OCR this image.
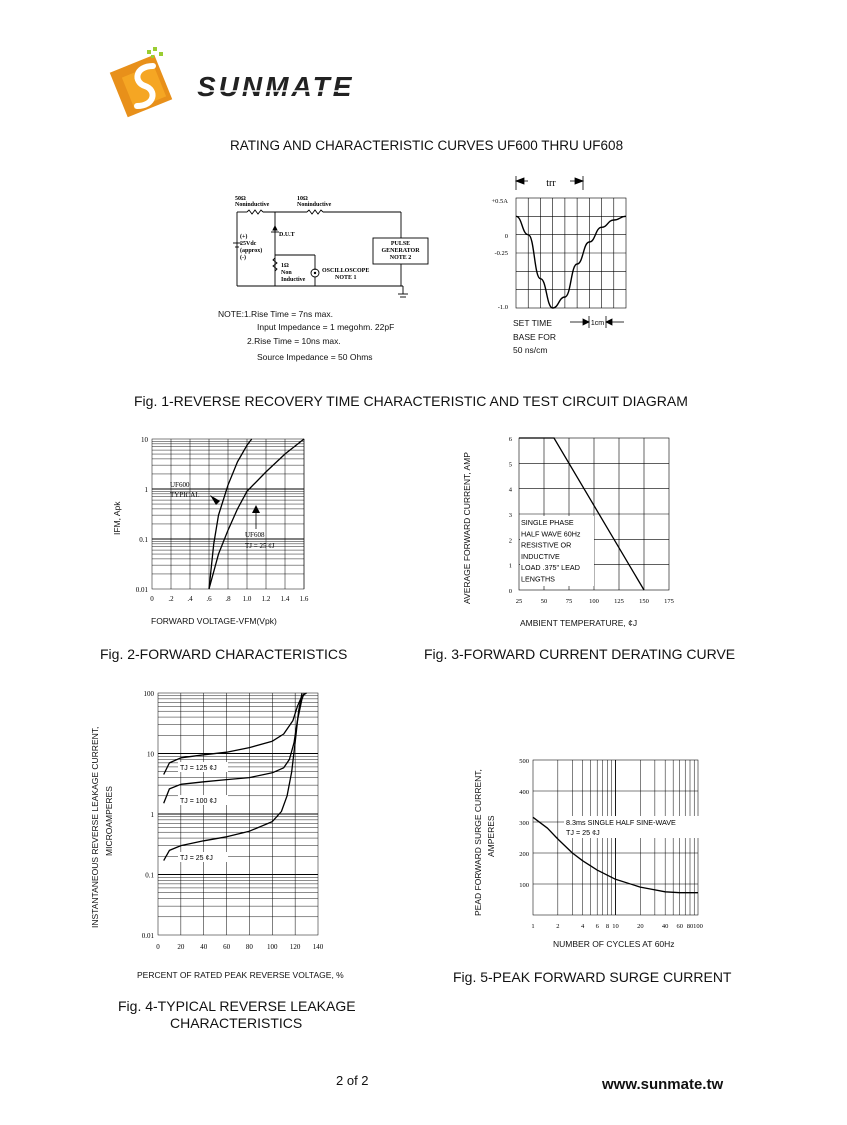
SUNMATE
RATING AND CHARACTERISTIC CURVES UF600 THRU UF608
50Ω
Noninductive
10Ω
Noninductive
D.U.T
(+)
25Vdc
(approx)
(-)
1Ω
Non
Inductive
OSCILLOSCOPE
NOTE 1
PULSE
GENERATOR
NOTE 2
NOTE:1.Rise Time = 7ns max.
Input Impedance = 1 megohm. 22pF
2.Rise Time = 10ns max.
Source Impedance = 50 Ohms
trr
+0.5A
0
-0.25
-1.0
SET TIME
BASE FOR
50 ns/cm
1cm
Fig. 1-REVERSE RECOVERY TIME CHARACTERISTIC AND TEST CIRCUIT DIAGRAM
0 .2 .4 .6 .8 1.0 1.2 1.4 1.6
0.01
0.1
1
10
UF600
TYPICAL
UF608
TJ = 25 ¢J
IFM, Apk
FORWARD VOLTAGE-VFM(Vpk)
Fig. 2-FORWARD CHARACTERISTICS
25	50	75	100 125 150 175
0
1
2
3
4
5
6
SINGLE PHASE
HALF WAVE 60Hz
RESISTIVE OR
INDUCTIVE
LOAD .375" LEAD
LENGTHS
AVERAGE FORWARD CURRENT, AMP
AMBIENT TEMPERATURE, ¢J
Fig. 3-FORWARD CURRENT DERATING CURVE
0	20 40 60 80 100 120 140
0.01
0.1
1
10
100
TJ = 125 ¢J
TJ = 100 ¢J
TJ = 25 ¢J
INSTANTANEOUS REVERSE LEAKAGE CURRENT, MICROAMPERES
PERCENT OF RATED PEAK REVERSE VOLTAGE, %
Fig. 4-TYPICAL REVERSE LEAKAGE
CHARACTERISTICS
1	2	4 6 8 10	20	40 60 80 100
100
200
300
400
500
8.3ms SINGLE HALF SINE-WAVE
TJ = 25 ¢J
PEAD FORWARD SURGE CURRENT, AMPERES
NUMBER OF CYCLES AT 60Hz
Fig. 5-PEAK FORWARD SURGE CURRENT
2 of 2	www.sunmate.tw
